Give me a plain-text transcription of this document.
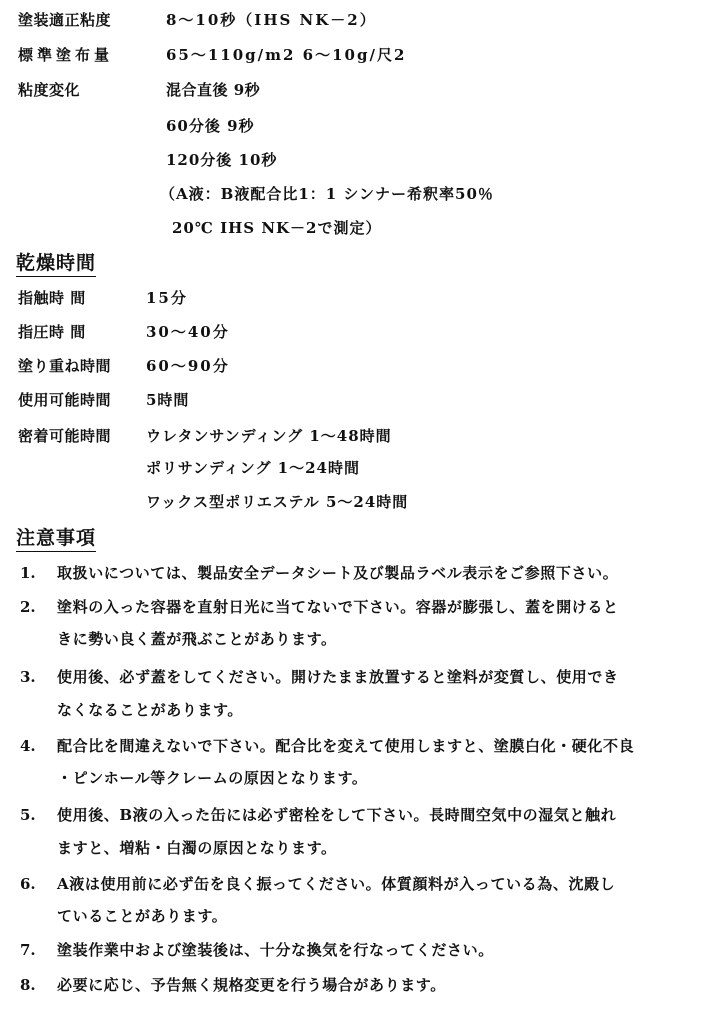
塗装適正粘度	8～10秒（IHS NK－2）
標準塗布量	65～110g/m2 6～10g/尺2
粘度変化	混合直後 9秒
60分後 9秒
120分後 10秒
（A液：B液配合比1：1 シンナー希釈率50％
20℃ IHS NK－2で測定）
乾燥時間
指触時 間	15分
指圧時 間	30～40分
塗り重ね時間 60～90分
使用可能時間 5時間
密着可能時間 ウレタンサンディング 1～48時間
ポリサンディング 1～24時間
ワックス型ポリエステル 5～24時間
注意事項
1. 取扱いについては、製品安全データシート及び製品ラベル表示をご参照下さい。
2. 塗料の入った容器を直射日光に当てないで下さい。容器が膨張し、蓋を開けると
きに勢い良く蓋が飛ぶことがあります。
3. 使用後、必ず蓋をしてください。開けたまま放置すると塗料が変質し、使用でき
なくなることがあります。
4. 配合比を間違えないで下さい。配合比を変えて使用しますと、塗膜白化・硬化不良
・ピンホール等クレームの原因となります。
5. 使用後、B液の入った缶には必ず密栓をして下さい。長時間空気中の湿気と触れ
ますと、増粘・白濁の原因となります。
6. A液は使用前に必ず缶を良く振ってください。体質顔料が入っている為、沈殿し
ていることがあります。
7. 塗装作業中および塗装後は、十分な換気を行なってください。
8. 必要に応じ、予告無く規格変更を行う場合があります。
